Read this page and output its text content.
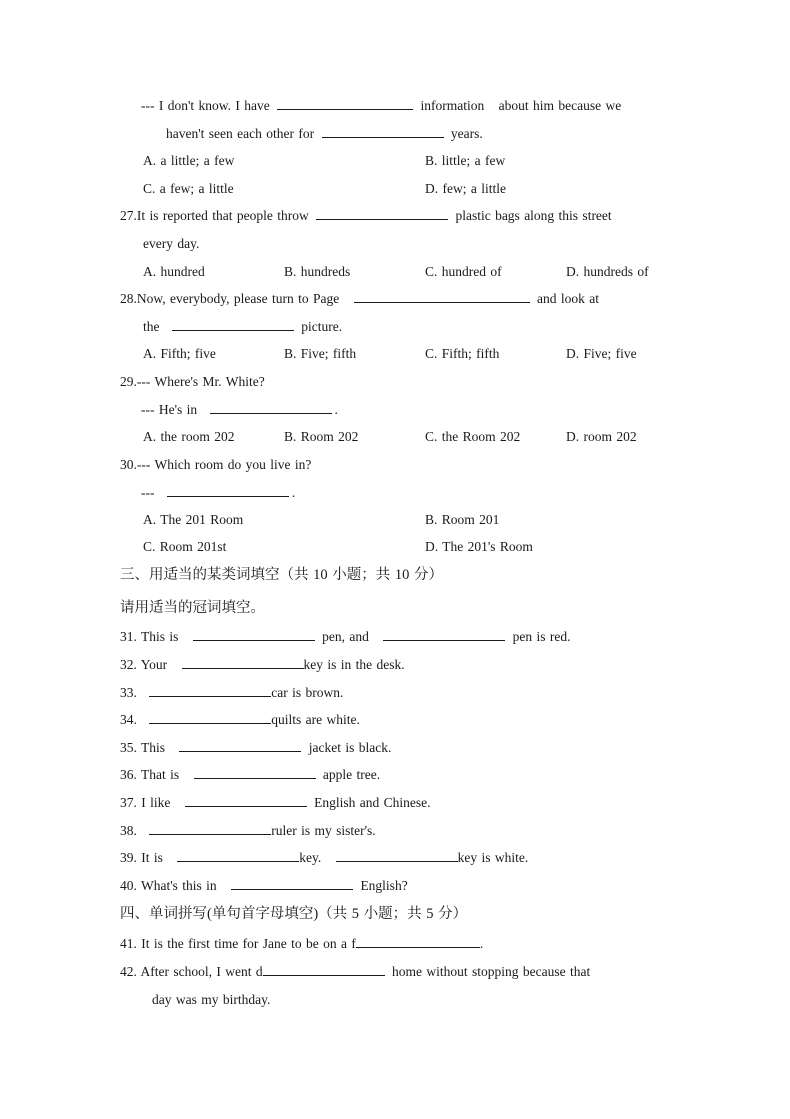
--- I don't know. I have	information about him because we
haven't seen each other for	years.
A. a little; a few	B. little; a few
C. a few; a little	D. few; a little
27.It is reported that people throw	plastic bags along this street
every day.
A. hundred	B. hundreds	C. hundred of	D. hundreds of
28.Now, everybody, please turn to Page	and look at
the	picture.
A. Fifth; five	B. Five; fifth	C. Fifth; fifth	D. Five; five
29.--- Where's Mr. White?
--- He's in	.
A. the room 202	B. Room 202	C. the Room 202	D. room 202
30.--- Which room do you live in?
---	.
A. The 201 Room	B. Room 201
C. Room 201st	D. The 201's Room
三、用适当的某类词填空（共 10 小题；共 10 分）
请用适当的冠词填空。
31. This is	pen, and	pen is red.
32. Your	key is in the desk.
33.	car is brown.
34.	quilts are white.
35. This	jacket is black.
36. That is	apple tree.
37. I like	English and Chinese.
38.	ruler is my sister's.
39. It is	key.	key is white.
40. What's this in	English?
四、单词拼写(单句首字母填空)（共 5 小题；共 5 分）
41. It is the first time for Jane to be on a f	.
42. After school, I went d	home without stopping because that
day was my birthday.
